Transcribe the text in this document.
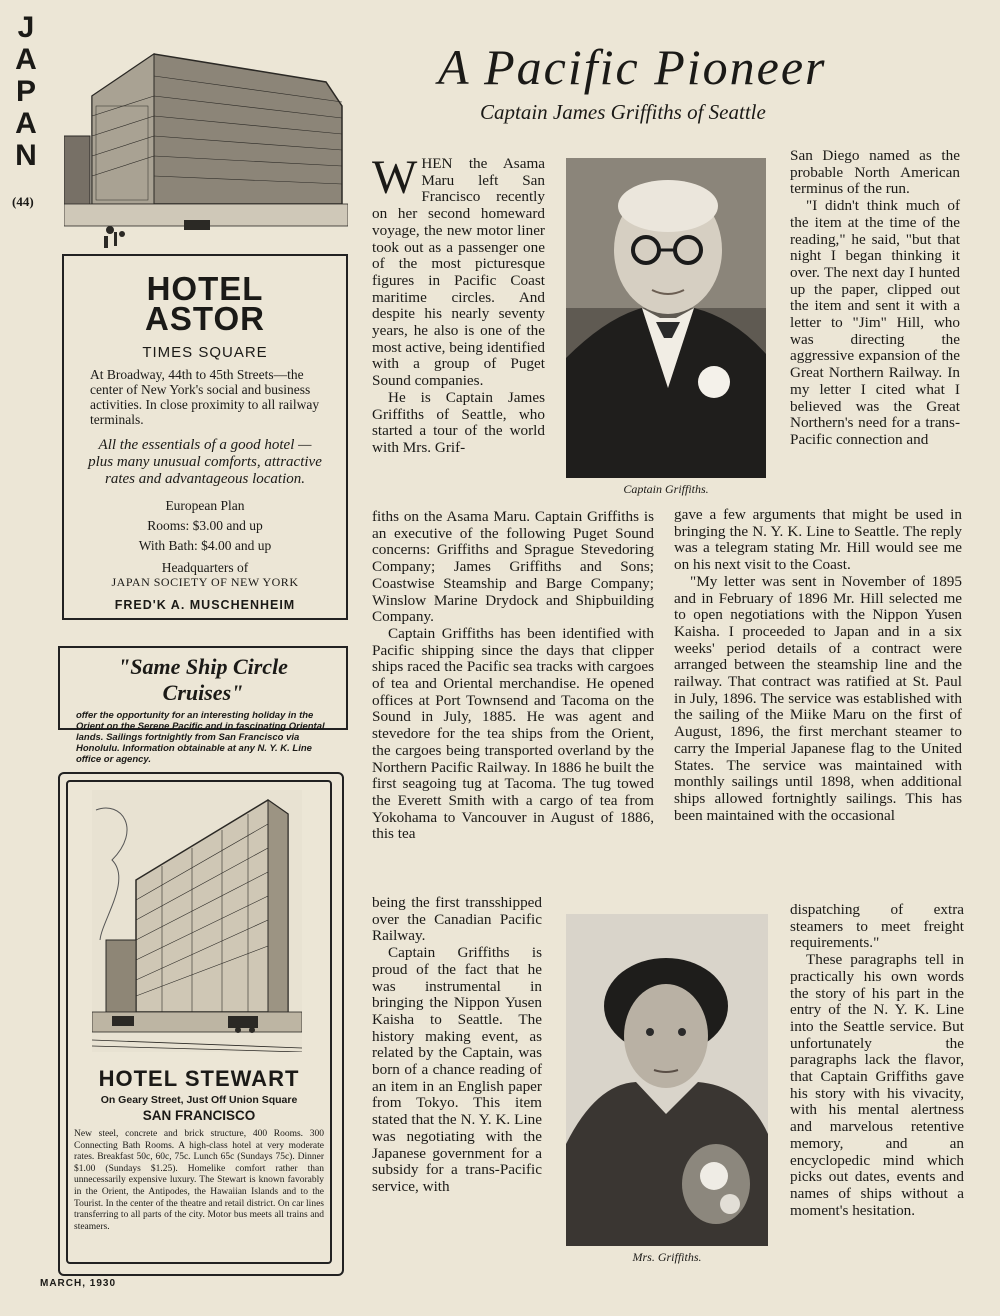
JAPAN
(44)
MARCH, 1930
HOTEL
ASTOR
TIMES SQUARE
At Broadway, 44th to 45th Streets—the center of New York's social and business activities. In close proximity to all railway terminals.
All the essentials of a good hotel —plus many unusual comforts, attractive rates and advantageous location.
European Plan
Rooms: $3.00 and up
With Bath: $4.00 and up
Headquarters of
JAPAN SOCIETY OF NEW YORK
FRED'K A. MUSCHENHEIM
"Same Ship Circle Cruises"
offer the opportunity for an interesting holiday in the Orient on the Serene Pacific and in fascinating Oriental lands. Sailings fortnightly from San Francisco via Honolulu. Information obtainable at any N. Y. K. Line office or agency.
HOTEL STEWART
On Geary Street, Just Off Union Square
SAN FRANCISCO
New steel, concrete and brick structure, 400 Rooms. 300 Connecting Bath Rooms. A high-class hotel at very moderate rates. Breakfast 50c, 60c, 75c. Lunch 65c (Sundays 75c). Dinner $1.00 (Sundays $1.25). Homelike comfort rather than unnecessarily expensive luxury. The Stewart is known favorably in the Orient, the Antipodes, the Hawaiian Islands and to the Tourist. In the center of the theatre and retail district. On car lines transferring to all parts of the city. Motor bus meets all trains and steamers.
A Pacific Pioneer
Captain James Griffiths of Seattle
Captain Griffiths.
Mrs. Griffiths.

WHEN the Asama Maru left San Francisco recently on her second homeward voyage, the new motor liner took out as a passenger one of the most picturesque figures in Pacific Coast maritime circles. And despite his nearly seventy years, he also is one of the most active, being identified with a group of Puget Sound companies.

He is Captain James Griffiths of Seattle, who started a tour of the world with Mrs. Grif-

fiths on the Asama Maru. Captain Griffiths is an executive of the following Puget Sound concerns: Griffiths and Sprague Stevedoring Company; James Griffiths and Sons; Coastwise Steamship and Barge Company; Winslow Marine Drydock and Shipbuilding Company.

Captain Griffiths has been identified with Pacific shipping since the days that clipper ships raced the Pacific sea tracks with cargoes of tea and Oriental merchandise. He opened offices at Port Townsend and Tacoma on the Sound in July, 1885. He was agent and stevedore for the tea ships from the Orient, the cargoes being transported overland by the Northern Pacific Railway. In 1886 he built the first seagoing tug at Tacoma. The tug towed the Everett Smith with a cargo of tea from Yokohama to Vancouver in August of 1886, this tea

being the first transshipped over the Canadian Pacific Railway.

Captain Griffiths is proud of the fact that he was instrumental in bringing the Nippon Yusen Kaisha to Seattle. The history making event, as related by the Captain, was born of a chance reading of an item in an English paper from Tokyo. This item stated that the N. Y. K. Line was negotiating with the Japanese government for a subsidy for a trans-Pacific service, with

San Diego named as the probable North American terminus of the run.

"I didn't think much of the item at the time of the reading," he said, "but that night I began thinking it over. The next day I hunted up the paper, clipped out the item and sent it with a letter to "Jim" Hill, who was directing the aggressive expansion of the Great Northern Railway. In my letter I cited what I believed was the Great Northern's need for a trans-Pacific connection and

gave a few arguments that might be used in bringing the N. Y. K. Line to Seattle. The reply was a telegram stating Mr. Hill would see me on his next visit to the Coast.

"My letter was sent in November of 1895 and in February of 1896 Mr. Hill selected me to open negotiations with the Nippon Yusen Kaisha. I proceeded to Japan and in a six weeks' period details of a contract were arranged between the steamship line and the railway. That contract was ratified at St. Paul in July, 1896. The service was established with the sailing of the Miike Maru on the first of August, 1896, the first merchant steamer to carry the Imperial Japanese flag to the United States. The service was maintained with monthly sailings until 1898, when additional ships allowed fortnightly sailings. This has been maintained with the occasional

dispatching of extra steamers to meet freight requirements."

These paragraphs tell in practically his own words the story of his part in the entry of the N. Y. K. Line into the Seattle service. But unfortunately the paragraphs lack the flavor, that Captain Griffiths gave his story with his vivacity, with his mental alertness and marvelous retentive memory, and an encyclopedic mind which picks out dates, events and names of ships without a moment's hesitation.
